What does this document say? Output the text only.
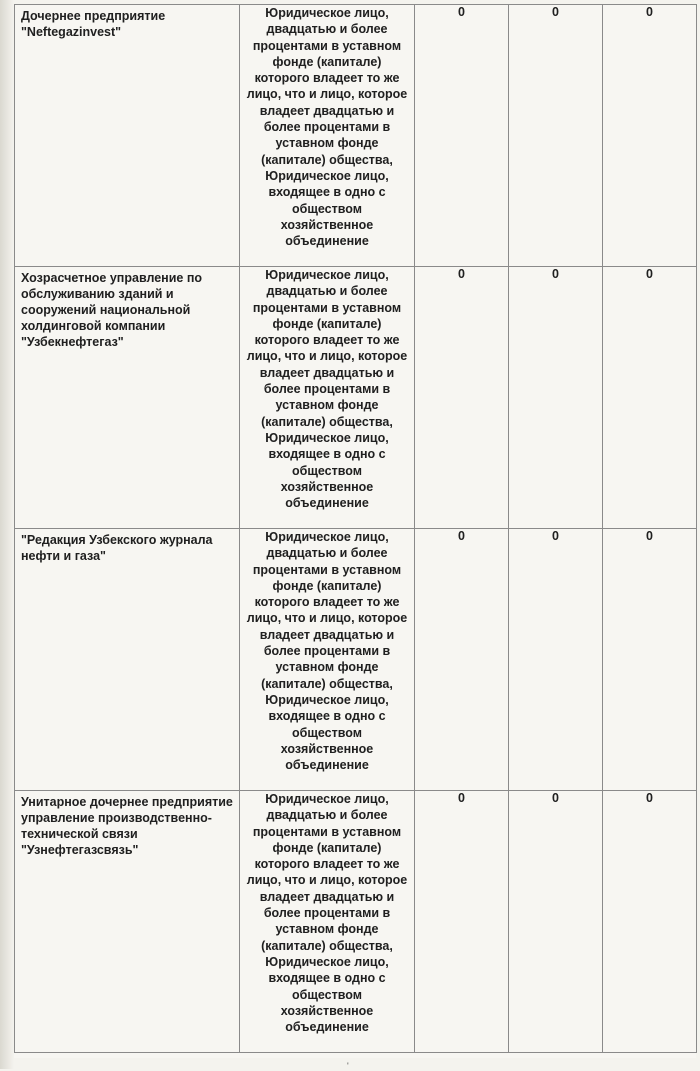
Дочернее предприятие "Neftegazinvest"	Юридическое лицо, двадцатью и более процентами в уставном фонде (капитале) которого владеет то же лицо, что и лицо, которое владеет двадцатью и более процентами в уставном фонде (капитале) общества, Юридическое лицо, входящее в одно с обществом хозяйственное объединение	0	0	0

Хозрасчетное управление по обслуживанию зданий и сооружений национальной холдинговой компании "Узбекнефтегаз"	Юридическое лицо, двадцатью и более процентами в уставном фонде (капитале) которого владеет то же лицо, что и лицо, которое владеет двадцатью и более процентами в уставном фонде (капитале) общества, Юридическое лицо, входящее в одно с обществом хозяйственное объединение	0	0	0

"Редакция Узбекского журнала нефти и газа"	Юридическое лицо, двадцатью и более процентами в уставном фонде (капитале) которого владеет то же лицо, что и лицо, которое владеет двадцатью и более процентами в уставном фонде (капитале) общества, Юридическое лицо, входящее в одно с обществом хозяйственное объединение	0	0	0

Унитарное дочернее предприятие управление производственно-технической связи "Узнефтегазсвязь"	Юридическое лицо, двадцатью и более процентами в уставном фонде (капитале) которого владеет то же лицо, что и лицо, которое владеет двадцатью и более процентами в уставном фонде (капитале) общества, Юридическое лицо, входящее в одно с обществом хозяйственное объединение	0	0	0
'
